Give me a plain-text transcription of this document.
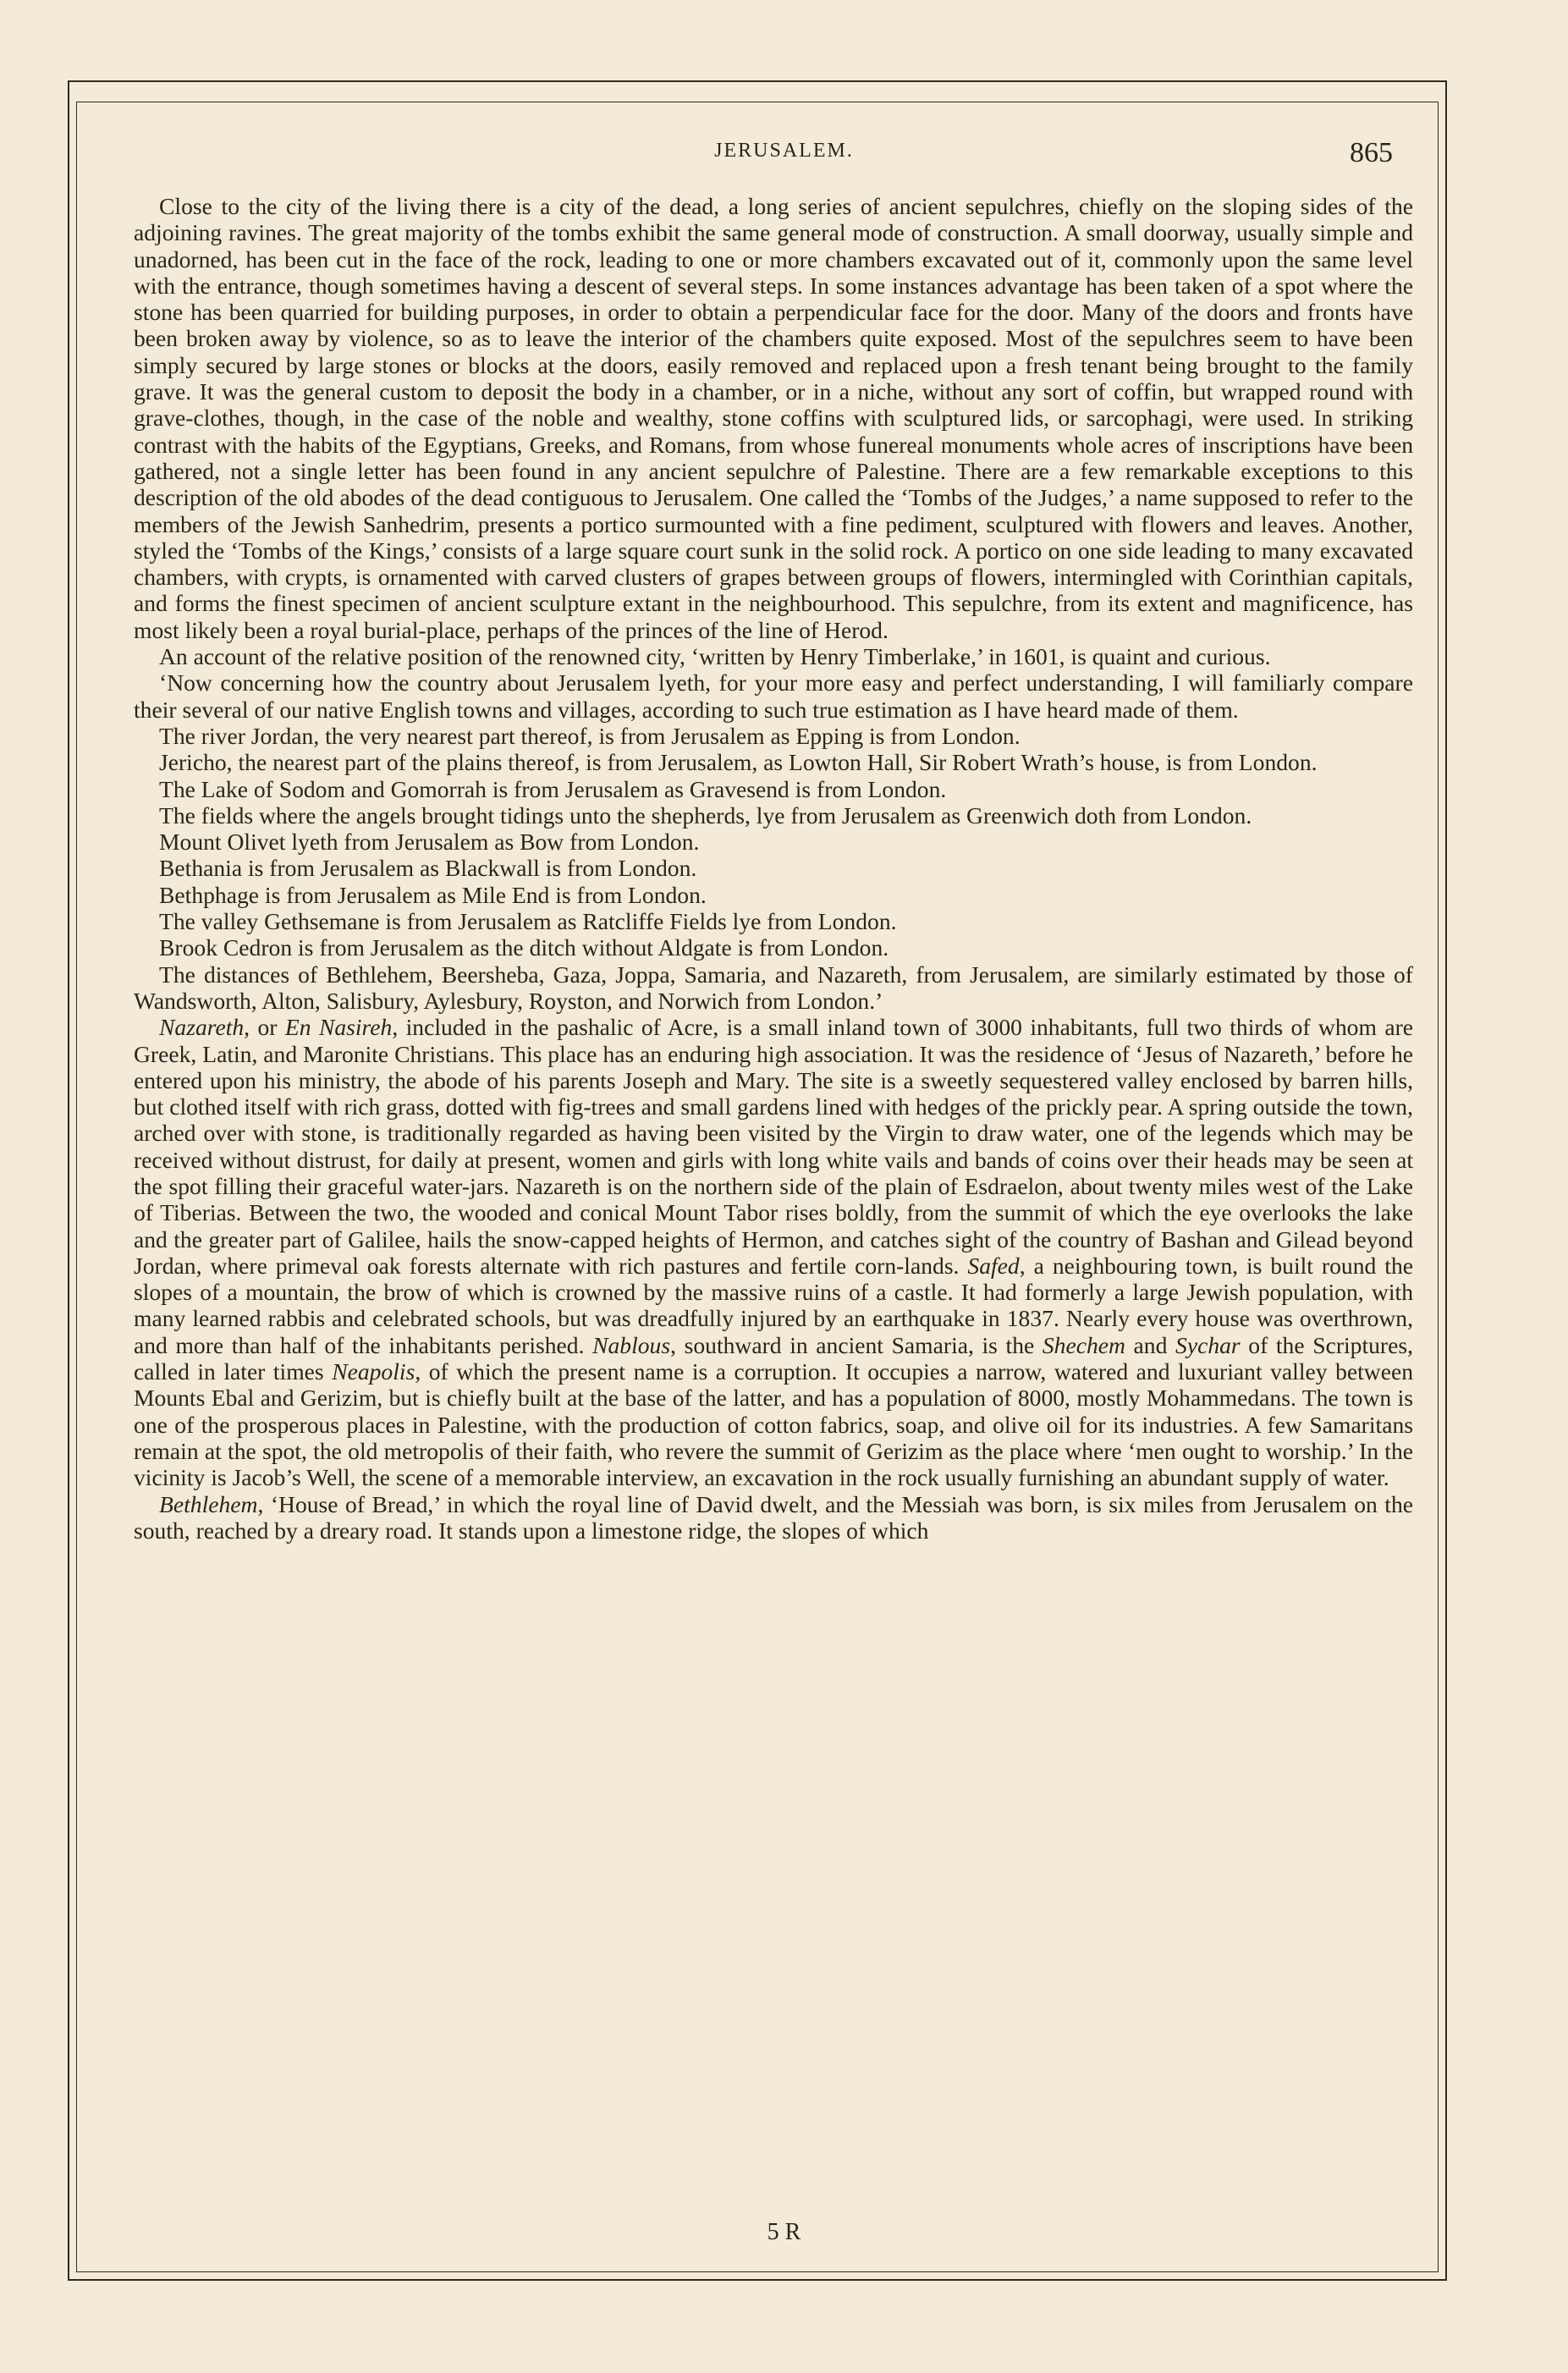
JERUSALEM.	865

Close to the city of the living there is a city of the dead, a long series of ancient sepulchres, chiefly on the sloping sides of the adjoining ravines. The great majority of the tombs exhibit the same general mode of construction. A small doorway, usually simple and unadorned, has been cut in the face of the rock, leading to one or more chambers excavated out of it, commonly upon the same level with the entrance, though sometimes having a descent of several steps. In some instances advantage has been taken of a spot where the stone has been quarried for building purposes, in order to obtain a perpendicular face for the door. Many of the doors and fronts have been broken away by violence, so as to leave the interior of the chambers quite exposed. Most of the sepulchres seem to have been simply secured by large stones or blocks at the doors, easily removed and replaced upon a fresh tenant being brought to the family grave. It was the general custom to deposit the body in a chamber, or in a niche, without any sort of coffin, but wrapped round with grave-clothes, though, in the case of the noble and wealthy, stone coffins with sculptured lids, or sarcophagi, were used. In striking contrast with the habits of the Egyptians, Greeks, and Romans, from whose funereal monuments whole acres of inscriptions have been gathered, not a single letter has been found in any ancient sepulchre of Palestine. There are a few remarkable exceptions to this description of the old abodes of the dead contiguous to Jerusalem. One called the ‘Tombs of the Judges,’ a name supposed to refer to the members of the Jewish Sanhedrim, presents a portico surmounted with a fine pediment, sculptured with flowers and leaves. Another, styled the ‘Tombs of the Kings,’ consists of a large square court sunk in the solid rock. A portico on one side leading to many excavated chambers, with crypts, is ornamented with carved clusters of grapes between groups of flowers, intermingled with Corinthian capitals, and forms the finest specimen of ancient sculpture extant in the neighbourhood. This sepulchre, from its extent and magnificence, has most likely been a royal burial-place, perhaps of the princes of the line of Herod.

An account of the relative position of the renowned city, ‘written by Henry Timberlake,’ in 1601, is quaint and curious.

‘Now concerning how the country about Jerusalem lyeth, for your more easy and perfect understanding, I will familiarly compare their several of our native English towns and villages, according to such true estimation as I have heard made of them.

The river Jordan, the very nearest part thereof, is from Jerusalem as Epping is from London.

Jericho, the nearest part of the plains thereof, is from Jerusalem, as Lowton Hall, Sir Robert Wrath’s house, is from London.

The Lake of Sodom and Gomorrah is from Jerusalem as Gravesend is from London.

The fields where the angels brought tidings unto the shepherds, lye from Jerusalem as Greenwich doth from London.

Mount Olivet lyeth from Jerusalem as Bow from London.

Bethania is from Jerusalem as Blackwall is from London.

Bethphage is from Jerusalem as Mile End is from London.

The valley Gethsemane is from Jerusalem as Ratcliffe Fields lye from London.

Brook Cedron is from Jerusalem as the ditch without Aldgate is from London.

The distances of Bethlehem, Beersheba, Gaza, Joppa, Samaria, and Nazareth, from Jerusalem, are similarly estimated by those of Wandsworth, Alton, Salisbury, Aylesbury, Royston, and Norwich from London.’

Nazareth, or En Nasireh, included in the pashalic of Acre, is a small inland town of 3000 inhabitants, full two thirds of whom are Greek, Latin, and Maronite Christians. This place has an enduring high association. It was the residence of ‘Jesus of Nazareth,’ before he entered upon his ministry, the abode of his parents Joseph and Mary. The site is a sweetly sequestered valley enclosed by barren hills, but clothed itself with rich grass, dotted with fig-trees and small gardens lined with hedges of the prickly pear. A spring outside the town, arched over with stone, is traditionally regarded as having been visited by the Virgin to draw water, one of the legends which may be received without distrust, for daily at present, women and girls with long white vails and bands of coins over their heads may be seen at the spot filling their graceful water-jars. Nazareth is on the northern side of the plain of Esdraelon, about twenty miles west of the Lake of Tiberias. Between the two, the wooded and conical Mount Tabor rises boldly, from the summit of which the eye overlooks the lake and the greater part of Galilee, hails the snow-capped heights of Hermon, and catches sight of the country of Bashan and Gilead beyond Jordan, where primeval oak forests alternate with rich pastures and fertile corn-lands. Safed, a neighbouring town, is built round the slopes of a mountain, the brow of which is crowned by the massive ruins of a castle. It had formerly a large Jewish population, with many learned rabbis and celebrated schools, but was dreadfully injured by an earthquake in 1837. Nearly every house was overthrown, and more than half of the inhabitants perished. Nablous, southward in ancient Samaria, is the Shechem and Sychar of the Scriptures, called in later times Neapolis, of which the present name is a corruption. It occupies a narrow, watered and luxuriant valley between Mounts Ebal and Gerizim, but is chiefly built at the base of the latter, and has a population of 8000, mostly Mohammedans. The town is one of the prosperous places in Palestine, with the production of cotton fabrics, soap, and olive oil for its industries. A few Samaritans remain at the spot, the old metropolis of their faith, who revere the summit of Gerizim as the place where ‘men ought to worship.’ In the vicinity is Jacob’s Well, the scene of a memorable interview, an excavation in the rock usually furnishing an abundant supply of water.

Bethlehem, ‘House of Bread,’ in which the royal line of David dwelt, and the Messiah was born, is six miles from Jerusalem on the south, reached by a dreary road. It stands upon a limestone ridge, the slopes of which

5 R
